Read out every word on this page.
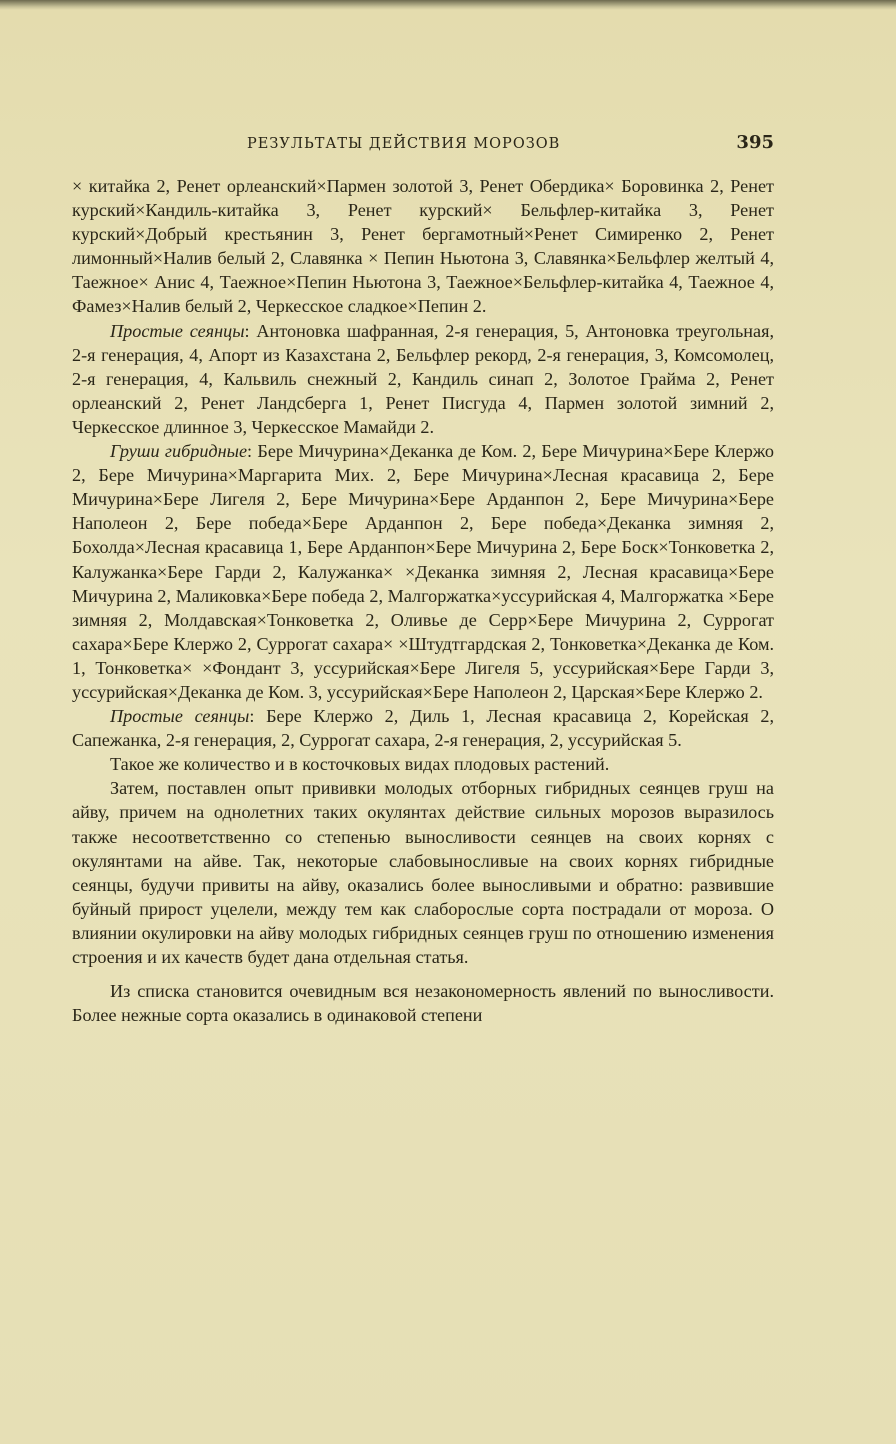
РЕЗУЛЬТАТЫ ДЕЙСТВИЯ МОРОЗОВ	395

× китайка 2, Ренет орлеанский×Пармен золотой 3, Ренет Обердика× Боровинка 2, Ренет курский×Кандиль-китайка 3, Ренет курский× Бельфлер-китайка 3, Ренет курский×Добрый крестьянин 3, Ренет бергамотный×Ренет Симиренко 2, Ренет лимонный×Налив белый 2, Славянка × Пепин Ньютона 3, Славянка×Бельфлер желтый 4, Таежное× Анис 4, Таежное×Пепин Ньютона 3, Таежное×Бельфлер-китайка 4, Таежное 4, Фамез×Налив белый 2, Черкесское сладкое×Пепин 2.

Простые сеянцы: Антоновка шафранная, 2-я генерация, 5, Антоновка треугольная, 2-я генерация, 4, Апорт из Казахстана 2, Бельфлер рекорд, 2-я генерация, 3, Комсомолец, 2-я генерация, 4, Кальвиль снежный 2, Кандиль синап 2, Золотое Грайма 2, Ренет орлеанский 2, Ренет Ландсберга 1, Ренет Писгуда 4, Пармен золотой зимний 2, Черкесское длинное 3, Черкесское Мамайди 2.

Груши гибридные: Бере Мичурина×Деканка де Ком. 2, Бере Мичурина×Бере Клержо 2, Бере Мичурина×Маргарита Мих. 2, Бере Мичурина×Лесная красавица 2, Бере Мичурина×Бере Лигеля 2, Бере Мичурина×Бере Арданпон 2, Бере Мичурина×Бере Наполеон 2, Бере победа×Бере Арданпон 2, Бере победа×Деканка зимняя 2, Бохолда×Лесная красавица 1, Бере Арданпон×Бере Мичурина 2, Бере Боск×Тонковетка 2, Калужанка×Бере Гарди 2, Калужанка× ×Деканка зимняя 2, Лесная красавица×Бере Мичурина 2, Маликовка×Бере победа 2, Малгоржатка×уссурийская 4, Малгоржатка ×Бере зимняя 2, Молдавская×Тонковетка 2, Оливье де Серр×Бере Мичурина 2, Суррогат сахара×Бере Клержо 2, Суррогат сахара× ×Штудтгардская 2, Тонковетка×Деканка де Ком. 1, Тонковетка× ×Фондант 3, уссурийская×Бере Лигеля 5, уссурийская×Бере Гарди 3, уссурийская×Деканка де Ком. 3, уссурийская×Бере Наполеон 2, Царская×Бере Клержо 2.

Простые сеянцы: Бере Клержо 2, Диль 1, Лесная красавица 2, Корейская 2, Сапежанка, 2-я генерация, 2, Суррогат сахара, 2-я генерация, 2, уссурийская 5.

Такое же количество и в косточковых видах плодовых растений.

Затем, поставлен опыт прививки молодых отборных гибридных сеянцев груш на айву, причем на однолетних таких окулянтах действие сильных морозов выразилось также несоответственно со степенью выносливости сеянцев на своих корнях с окулянтами на айве. Так, некоторые слабовыносливые на своих корнях гибридные сеянцы, будучи привиты на айву, оказались более выносливыми и обратно: развившие буйный прирост уцелели, между тем как слаборослые сорта пострадали от мороза. О влиянии окулировки на айву молодых гибридных сеянцев груш по отношению изменения строения и их качеств будет дана отдельная статья.

Из списка становится очевидным вся незакономерность явлений по выносливости. Более нежные сорта оказались в одинаковой степени
